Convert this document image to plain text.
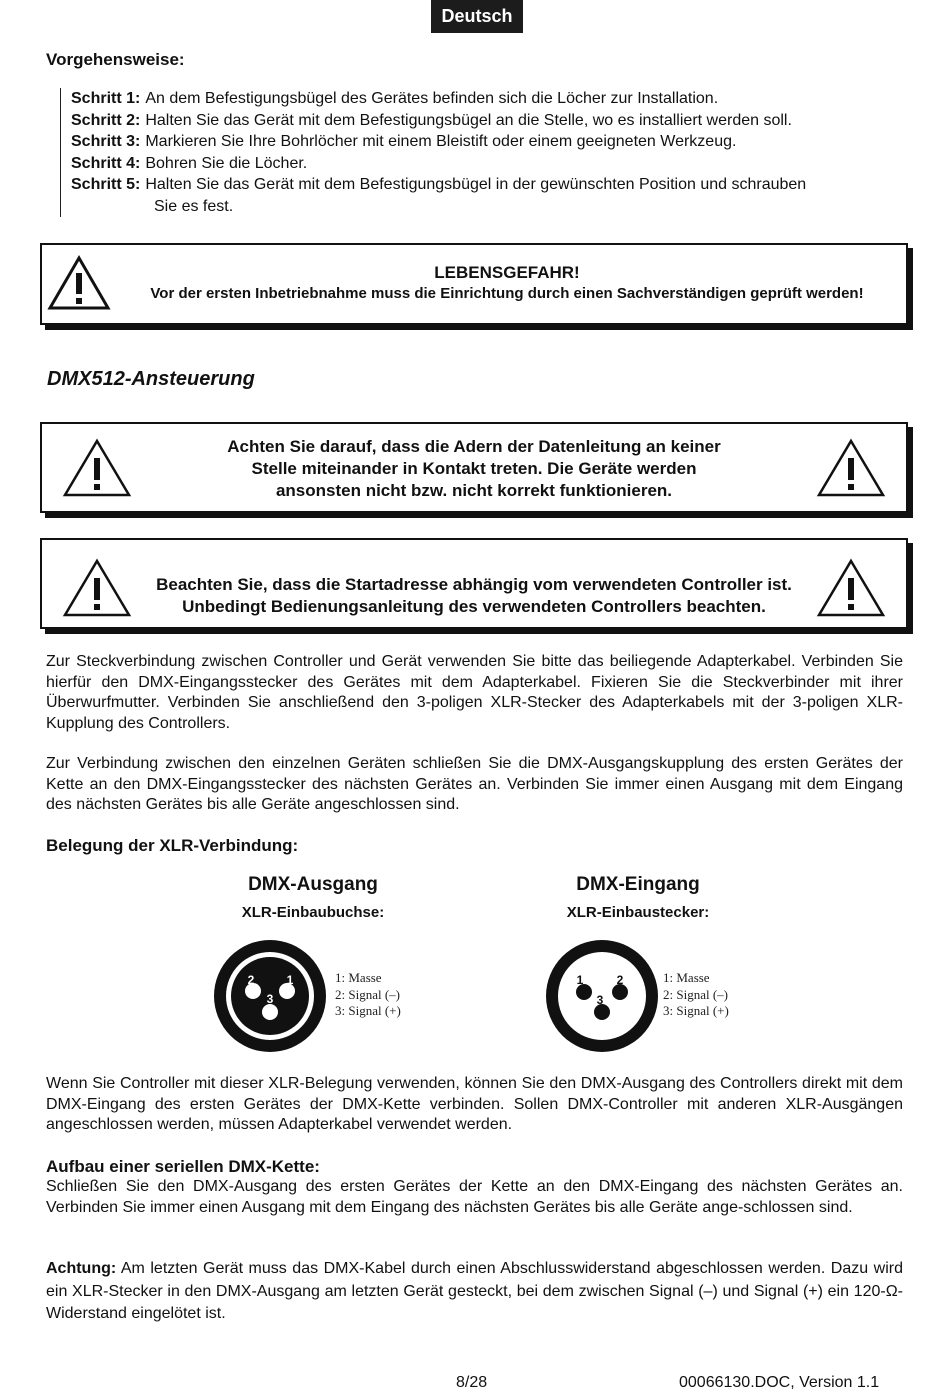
Deutsch
Vorgehensweise:
Schritt 1: An dem Befestigungsbügel des Gerätes befinden sich die Löcher zur Installation.
Schritt 2: Halten Sie das Gerät mit dem Befestigungsbügel an die Stelle, wo es installiert werden soll.
Schritt 3: Markieren Sie Ihre Bohrlöcher mit einem Bleistift oder einem geeigneten Werkzeug.
Schritt 4: Bohren Sie die Löcher.
Schritt 5: Halten Sie das Gerät mit dem Befestigungsbügel in der gewünschten Position und schrauben
Sie es fest.
LEBENSGEFAHR!
Vor der ersten Inbetriebnahme muss die Einrichtung durch einen Sachverständigen geprüft werden!
DMX512-Ansteuerung
Achten Sie darauf, dass die Adern der Datenleitung an keiner
Stelle miteinander in Kontakt treten. Die Geräte werden
ansonsten nicht bzw. nicht korrekt funktionieren.
Beachten Sie, dass die Startadresse abhängig vom verwendeten Controller ist.
Unbedingt Bedienungsanleitung des verwendeten Controllers beachten.
Zur Steckverbindung zwischen Controller und Gerät verwenden Sie bitte das beiliegende Adapterkabel. Verbinden Sie hierfür den DMX-Eingangsstecker des Gerätes mit dem Adapterkabel. Fixieren Sie die Steckverbinder mit ihrer Überwurfmutter. Verbinden Sie anschließend den 3-poligen XLR-Stecker des Adapterkabels mit der 3-poligen XLR-Kupplung des Controllers.
Zur Verbindung zwischen den einzelnen Geräten schließen Sie die DMX-Ausgangskupplung des ersten Gerätes der Kette an den DMX-Eingangsstecker des nächsten Gerätes an. Verbinden Sie immer einen Ausgang mit dem Eingang des nächsten Gerätes bis alle Geräte angeschlossen sind.
Belegung der XLR-Verbindung:
DMX-Ausgang
XLR-Einbaubuchse:
DMX-Eingang
XLR-Einbaustecker:
2	1
3
1: Masse
2: Signal (–)
3: Signal (+)
1	2
3
1: Masse
2: Signal (–)
3: Signal (+)
Wenn Sie Controller mit dieser XLR-Belegung verwenden, können Sie den DMX-Ausgang des Controllers direkt mit dem DMX-Eingang des ersten Gerätes der DMX-Kette verbinden. Sollen DMX-Controller mit anderen XLR-Ausgängen angeschlossen werden, müssen Adapterkabel verwendet werden.
Aufbau einer seriellen DMX-Kette:
Schließen Sie den DMX-Ausgang des ersten Gerätes der Kette an den DMX-Eingang des nächsten Gerätes an. Verbinden Sie immer einen Ausgang mit dem Eingang des nächsten Gerätes bis alle Geräte ange-schlossen sind.
Achtung: Am letzten Gerät muss das DMX-Kabel durch einen Abschlusswiderstand abgeschlossen werden. Dazu wird ein XLR-Stecker in den DMX-Ausgang am letzten Gerät gesteckt, bei dem zwischen Signal (–) und Signal (+) ein 120-Ω-Widerstand eingelötet ist.
8/28	00066130.DOC, Version 1.1
